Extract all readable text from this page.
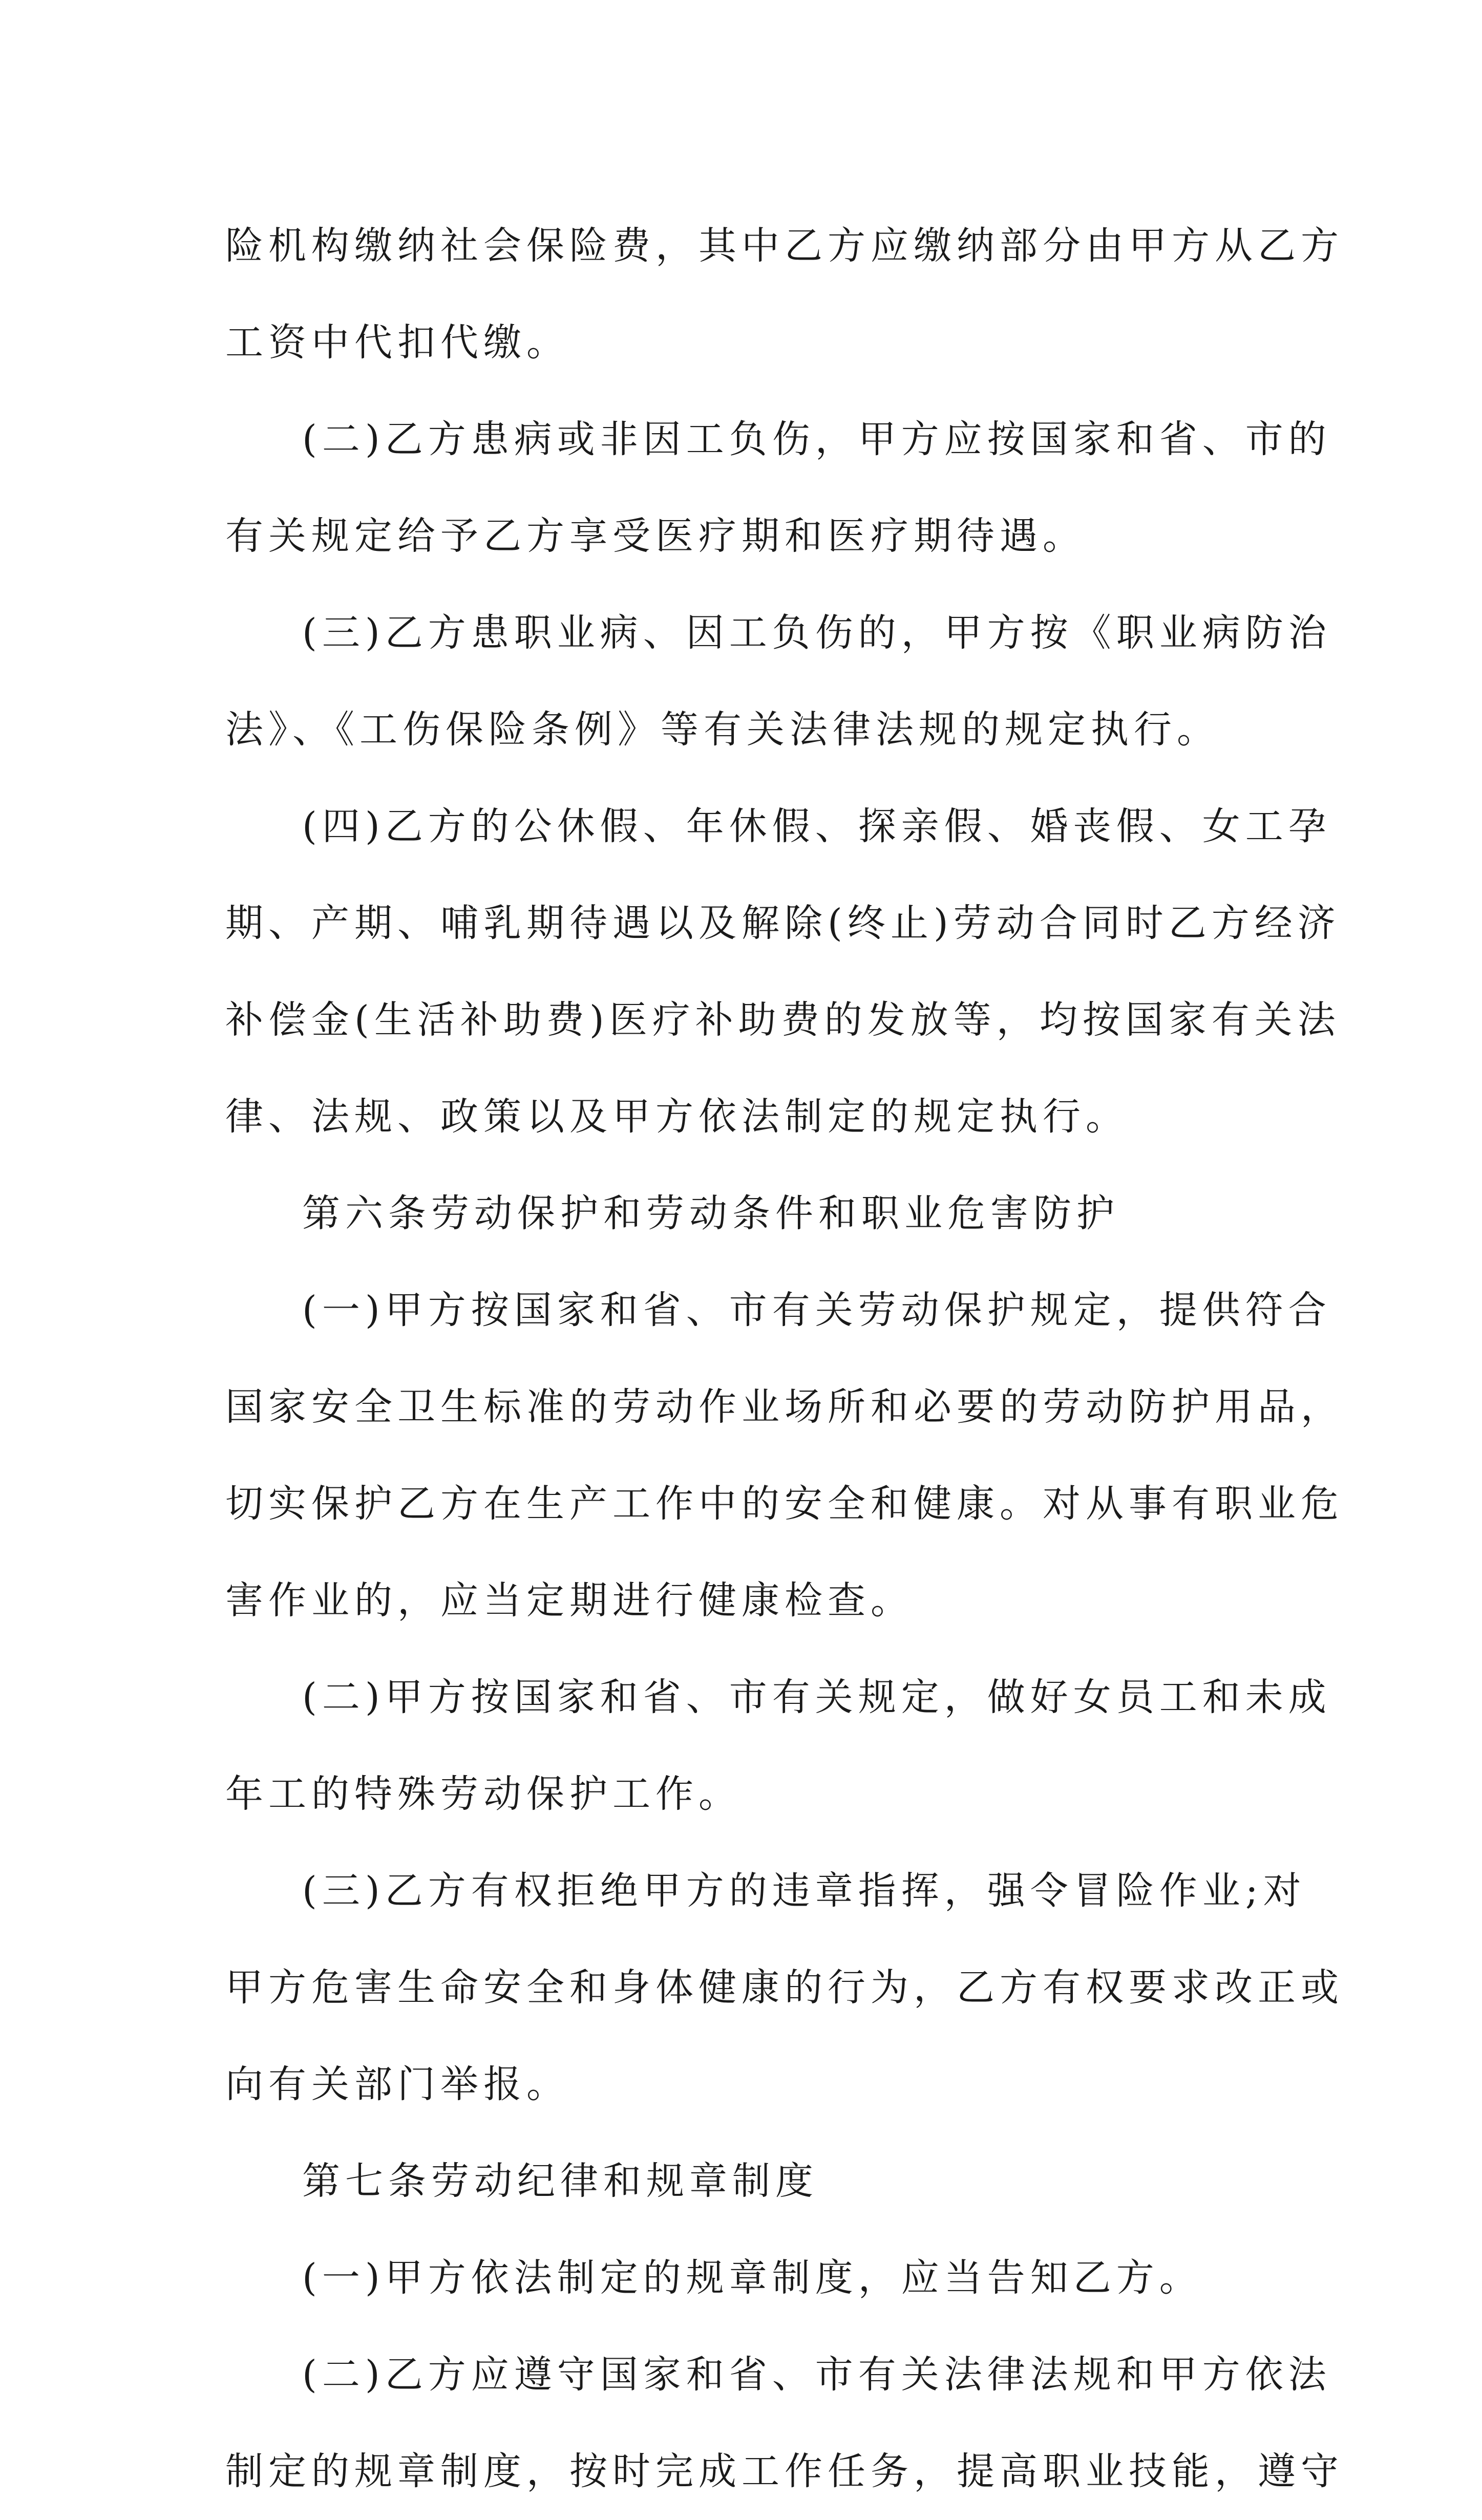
险机构缴纳社会保险费，其中乙方应缴纳部分由甲方从乙方
工资中代扣代缴。

(二)乙方患病或非因工负伤，甲方应按国家和省、市的
有关规定给予乙方享受医疗期和医疗期待遇。

(三)乙方患职业病、因工负伤的，甲方按《职业病防治
法》、《工伤保险条例》等有关法律法规的规定执行。

(四)乙方的公休假、年休假、探亲假、婚丧假、女工孕
期、产期、哺乳期待遇以及解除(终止)劳动合同时乙方经济
补偿金(生活补助费)医疗补助费的发放等，均按国家有关法
律、法规、政策以及甲方依法制定的规定执行。

第六条劳动保护和劳动条件和职业危害防护

(一)甲方按国家和省、市有关劳动保护规定，提供符合
国家安全卫生标准的劳动作业场所和必要的劳动防护用品，
切实保护乙方在生产工作中的安全和健康。对从事有职业危
害作业的，应当定期进行健康检查。

(二)甲方按国家和省、市有关规定，做好女员工和未成
年工的特殊劳动保护工作。

(三)乙方有权拒绝甲方的违章指挥，强令冒险作业;对
甲方危害生命安全和身体健康的行为，乙方有权要求改正或
向有关部门举报。

第七条劳动纪律和规章制度

(一)甲方依法制定的规章制度，应当告知乙方。

(二)乙方应遵守国家和省、市有关法律法规和甲方依法
制定的规章制度，按时完成工作任务，提高职业技能，遵守
